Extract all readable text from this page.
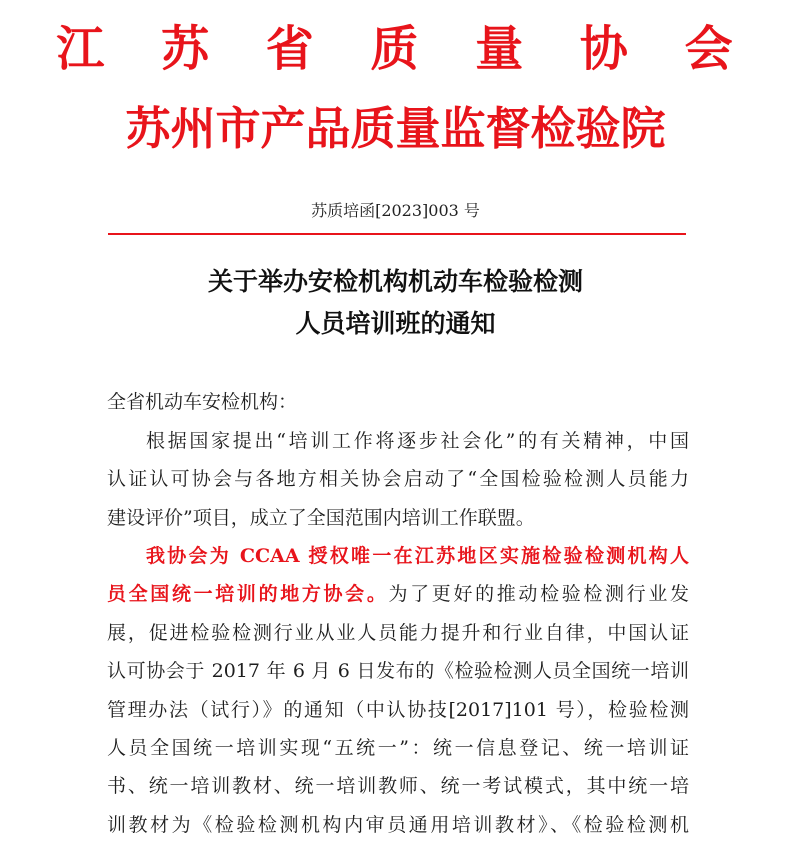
江 苏 省 质 量 协 会
苏州市产品质量监督检验院
苏质培函[2023]003 号
关于举办安检机构机动车检验检测
人员培训班的通知
全省机动车安检机构：
根据国家提出“培训工作将逐步社会化”的有关精神，中国
认证认可协会与各地方相关协会启动了“全国检验检测人员能力
建设评价”项目，成立了全国范围内培训工作联盟。
我协会为 CCAA 授权唯一在江苏地区实施检验检测机构人
员全国统一培训的地方协会。为了更好的推动检验检测行业发
展，促进检验检测行业从业人员能力提升和行业自律，中国认证
认可协会于 2017 年 6 月 6 日发布的《检验检测人员全国统一培训
管理办法（试行）》的通知（中认协技[2017]101 号），检验检测
人员全国统一培训实现“五统一”：统一信息登记、统一培训证
书、统一培训教材、统一培训教师、统一考试模式，其中统一培
训教材为《检验检测机构内审员通用培训教材》、《检验检测机
